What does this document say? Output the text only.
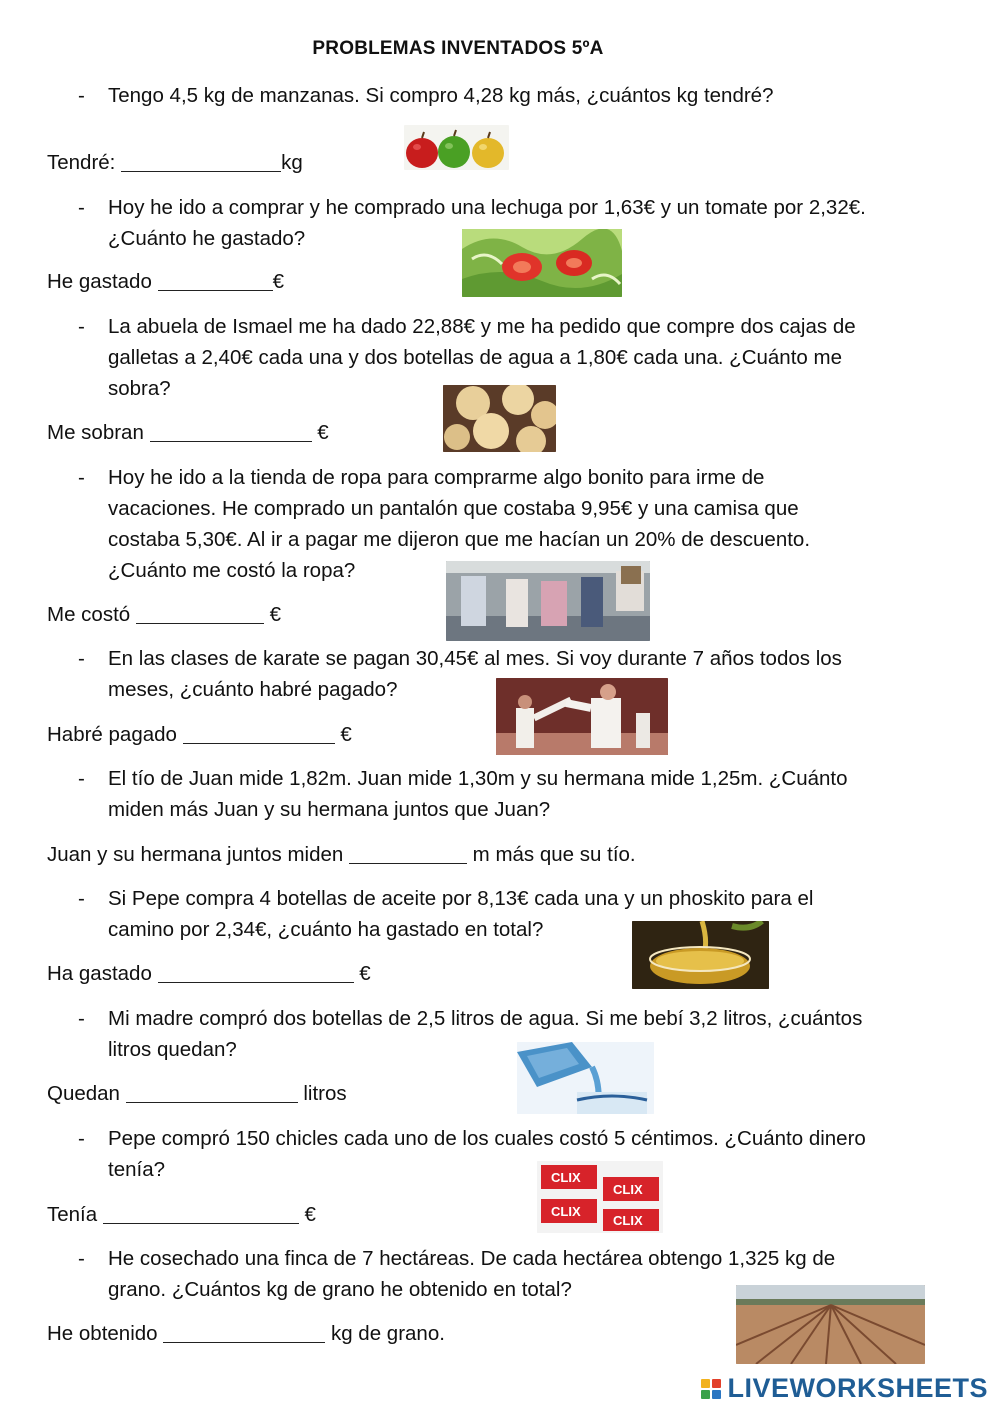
PROBLEMAS INVENTADOS 5ºA
- Tengo 4,5 kg de manzanas. Si compro 4,28 kg más, ¿cuántos kg tendré?
Tendré:	kg
- Hoy he ido a comprar y he comprado una lechuga por 1,63€ y un tomate por 2,32€. ¿Cuánto he gastado?
He gastado	€
- La abuela de Ismael me ha dado 22,88€ y me ha pedido que compre dos cajas de galletas a 2,40€ cada una y dos botellas de agua a 1,80€ cada una. ¿Cuánto me sobra?
Me sobran	€
- Hoy he ido a la tienda de ropa para comprarme algo bonito para irme de vacaciones. He comprado un pantalón que costaba 9,95€ y una camisa que costaba 5,30€. Al ir a pagar me dijeron que me hacían un 20% de descuento. ¿Cuánto me costó la ropa?
Me costó	€
- En las clases de karate se pagan 30,45€ al mes. Si voy durante 7 años todos los meses, ¿cuánto habré pagado?
Habré pagado	€
- El tío de Juan mide 1,82m. Juan mide 1,30m y su hermana mide 1,25m. ¿Cuánto miden más Juan y su hermana juntos que Juan?
Juan y su hermana juntos miden	m más que su tío.
- Si Pepe compra 4 botellas de aceite por 8,13€ cada una y un phoskito para el camino por 2,34€, ¿cuánto ha gastado en total?
Ha gastado	€
- Mi madre compró dos botellas de 2,5 litros de agua. Si me bebí 3,2 litros, ¿cuántos litros quedan?
Quedan	litros
- Pepe compró 150 chicles cada uno de los cuales costó 5 céntimos. ¿Cuánto dinero tenía?
Tenía	€
CLIX
CLIX
CLIX
CLIX
- He cosechado una finca de 7 hectáreas. De cada hectárea obtengo 1,325 kg de grano. ¿Cuántos kg de grano he obtenido en total?
He obtenido	kg de grano.
LIVEWORKSHEETS
